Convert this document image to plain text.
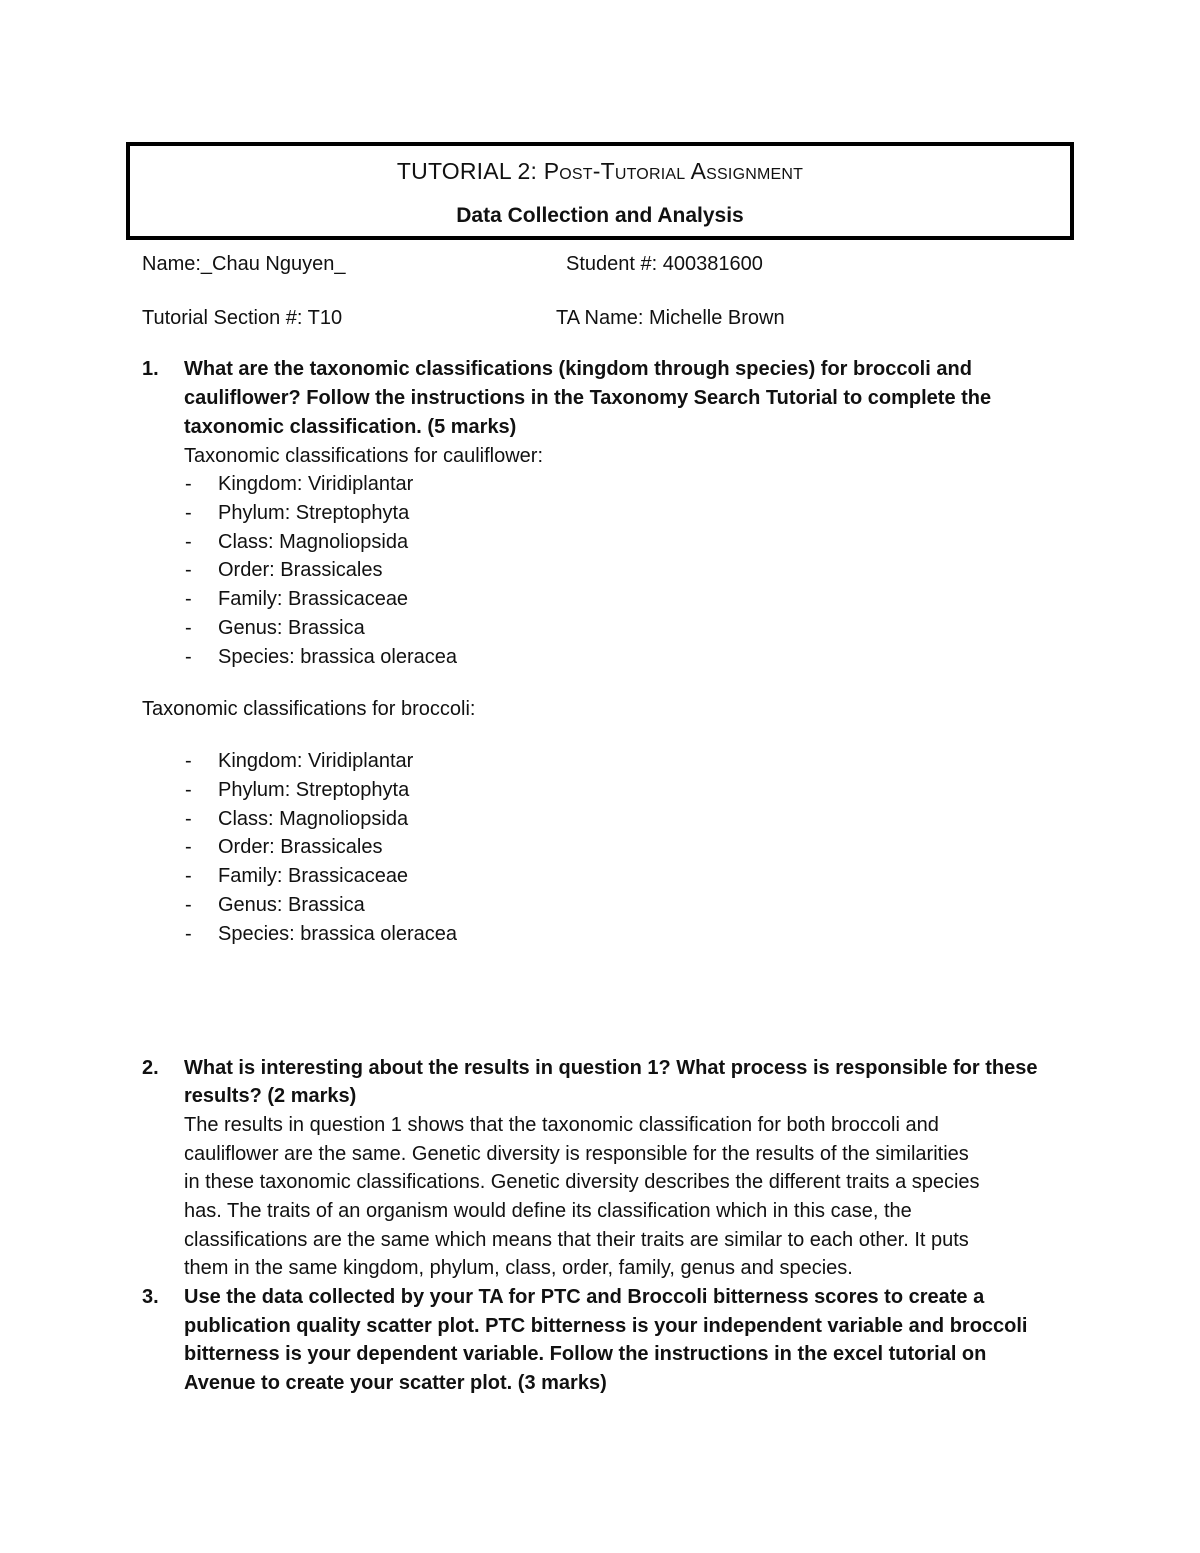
TUTORIAL 2: Post-Tutorial Assignment
Data Collection and Analysis
Name:_Chau Nguyen_	Student #: 400381600
Tutorial Section #: T10	TA Name: Michelle Brown
1. What are the taxonomic classifications (kingdom through species) for broccoli and
cauliflower? Follow the instructions in the Taxonomy Search Tutorial to complete the
taxonomic classification. (5 marks)
Taxonomic classifications for cauliflower:
- Kingdom: Viridiplantar
- Phylum: Streptophyta
- Class: Magnoliopsida
- Order: Brassicales
- Family: Brassicaceae
- Genus: Brassica
- Species: brassica oleracea
Taxonomic classifications for broccoli:
- Kingdom: Viridiplantar
- Phylum: Streptophyta
- Class: Magnoliopsida
- Order: Brassicales
- Family: Brassicaceae
- Genus: Brassica
- Species: brassica oleracea
2. What is interesting about the results in question 1? What process is responsible for these
results? (2 marks)
The results in question 1 shows that the taxonomic classification for both broccoli and
cauliflower are the same. Genetic diversity is responsible for the results of the similarities
in these taxonomic classifications. Genetic diversity describes the different traits a species
has. The traits of an organism would define its classification which in this case, the
classifications are the same which means that their traits are similar to each other. It puts
them in the same kingdom, phylum, class, order, family, genus and species.
3. Use the data collected by your TA for PTC and Broccoli bitterness scores to create a
publication quality scatter plot. PTC bitterness is your independent variable and broccoli
bitterness is your dependent variable. Follow the instructions in the excel tutorial on
Avenue to create your scatter plot. (3 marks)
